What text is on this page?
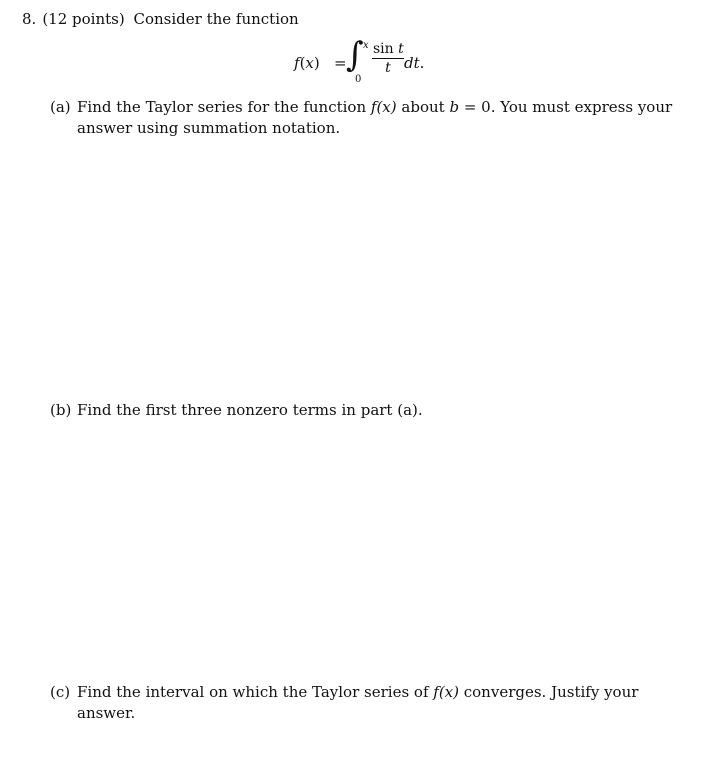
8. (12 points) Consider the function
f(x) = ∫ x
0
$\frac{\text{sin t}}{t}$ dt.
(a) Find the Taylor series for the function f(x) about b = 0. You must express your answer using summation notation.
(b) Find the first three nonzero terms in part (a).
(c) Find the interval on which the Taylor series of f(x) converges. Justify your answer.
